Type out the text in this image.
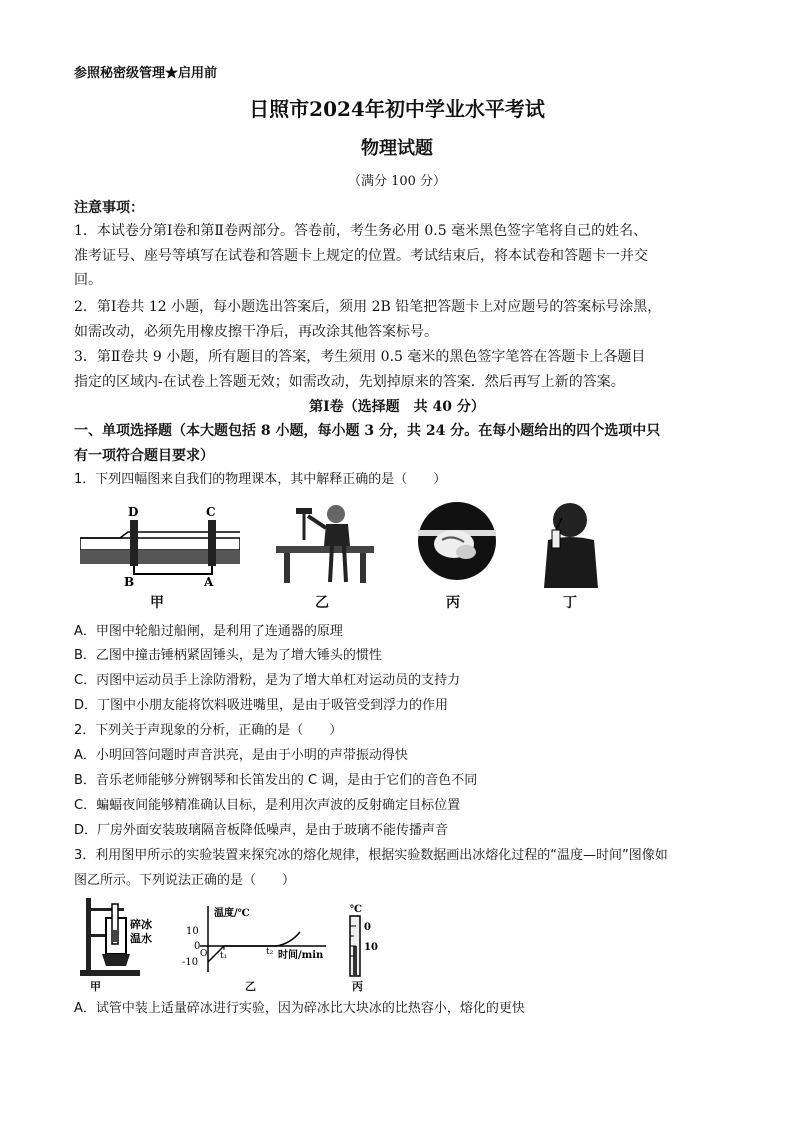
参照秘密级管理★启用前
日照市2024年初中学业水平考试
物理试题
（满分 100 分）
注意事项：
1．本试卷分第Ⅰ卷和第Ⅱ卷两部分。答卷前，考生务必用 0.5 毫米黑色签字笔将自己的姓名、
准考证号、座号等填写在试卷和答题卡上规定的位置。考试结束后，将本试卷和答题卡一并交
回。
2．第Ⅰ卷共 12 小题，每小题选出答案后，须用 2B 铅笔把答题卡上对应题号的答案标号涂黑，
如需改动，必须先用橡皮擦干净后，再改涂其他答案标号。
3．第Ⅱ卷共 9 小题，所有题目的答案，考生须用 0.5 毫米的黑色签字笔答在答题卡上各题目
指定的区域内-在试卷上答题无效；如需改动，先划掉原来的答案．然后再写上新的答案。
第Ⅰ卷（选择题　共 40 分）
一、单项选择题（本大题包括 8 小题，每小题 3 分，共 24 分。在每小题给出的四个选项中只
有一项符合题目要求）
1．下列四幅图来自我们的物理课本，其中解释正确的是（　　）
D	C
B	A
甲	乙	丙	丁
A．甲图中轮船过船闸，是利用了连通器的原理
B．乙图中撞击锤柄紧固锤头，是为了增大锤头的惯性
C．丙图中运动员手上涂防滑粉，是为了增大单杠对运动员的支持力
D．丁图中小朋友能将饮料吸进嘴里，是由于吸管受到浮力的作用
2．下列关于声现象的分析，正确的是（　　）
A．小明回答问题时声音洪亮，是由于小明的声带振动得快
B．音乐老师能够分辨钢琴和长笛发出的 C 调，是由于它们的音色不同
C．蝙蝠夜间能够精准确认目标，是利用次声波的反射确定目标位置
D．厂房外面安装玻璃隔音板降低噪声，是由于玻璃不能传播声音
3．利用图甲所示的实验装置来探究冰的熔化规律，根据实验数据画出冰熔化过程的“温度—时间”图像如
图乙所示。下列说法正确的是（　　）
碎冰
温水
甲
温度/℃
时间/min
10
0
-10
O t₁	t₂
乙
℃
0
10
丙
A．试管中装上适量碎冰进行实验，因为碎冰比大块冰的比热容小，熔化的更快
